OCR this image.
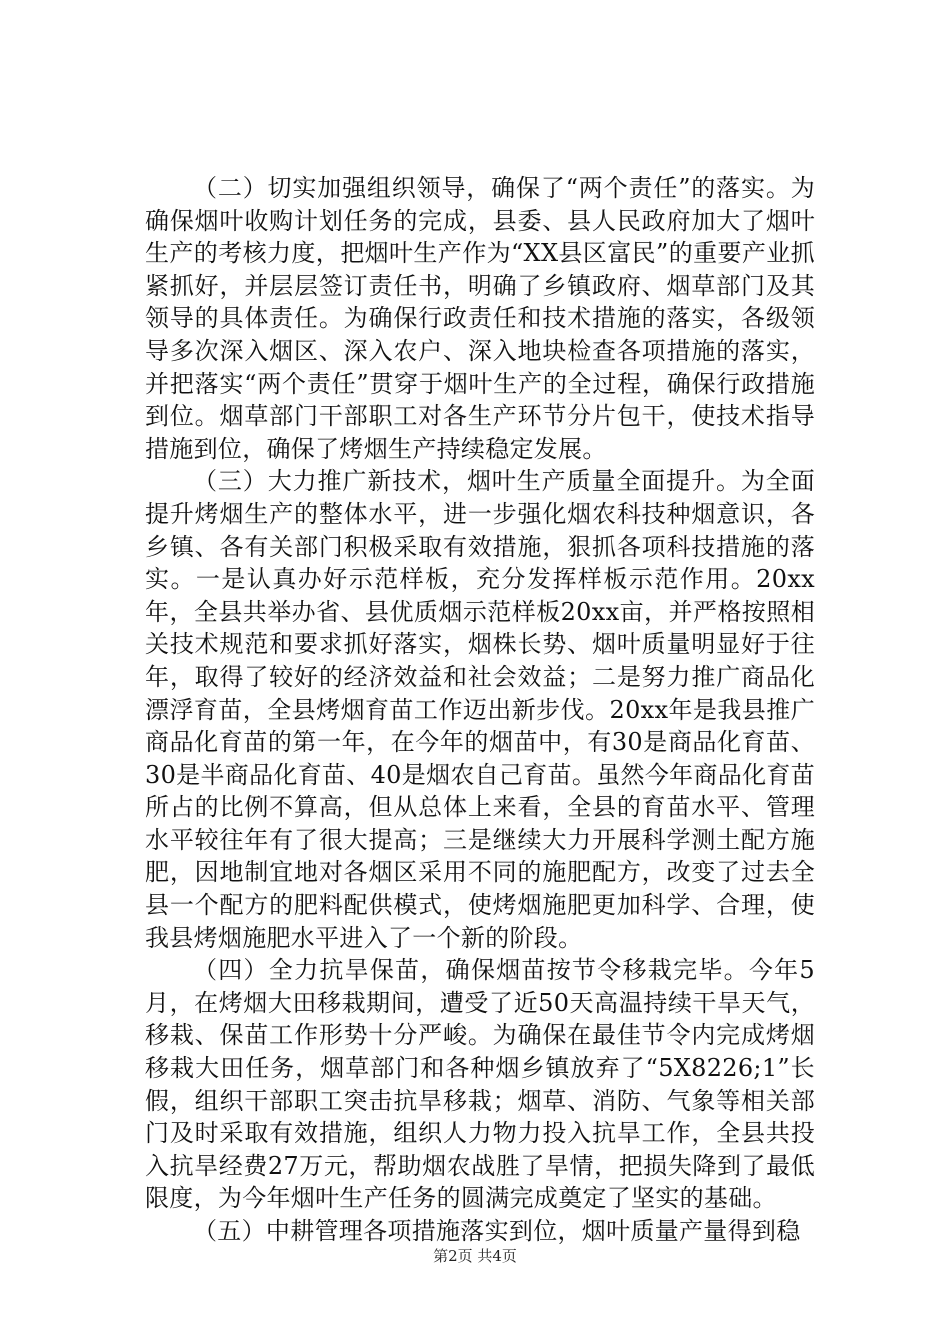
（二）切实加强组织领导，确保了“两个责任”的落实。为确保烟叶收购计划任务的完成，县委、县人民政府加大了烟叶生产的考核力度，把烟叶生产作为“XX县区富民”的重要产业抓紧抓好，并层层签订责任书，明确了乡镇政府、烟草部门及其领导的具体责任。为确保行政责任和技术措施的落实，各级领导多次深入烟区、深入农户、深入地块检查各项措施的落实，并把落实“两个责任”贯穿于烟叶生产的全过程，确保行政措施到位。烟草部门干部职工对各生产环节分片包干，使技术指导措施到位，确保了烤烟生产持续稳定发展。

（三）大力推广新技术，烟叶生产质量全面提升。为全面提升烤烟生产的整体水平，进一步强化烟农科技种烟意识，各乡镇、各有关部门积极采取有效措施，狠抓各项科技措施的落实。一是认真办好示范样板，充分发挥样板示范作用。20xx年，全县共举办省、县优质烟示范样板20xx亩，并严格按照相关技术规范和要求抓好落实，烟株长势、烟叶质量明显好于往年，取得了较好的经济效益和社会效益；二是努力推广商品化漂浮育苗，全县烤烟育苗工作迈出新步伐。20xx年是我县推广商品化育苗的第一年，在今年的烟苗中，有30是商品化育苗、30是半商品化育苗、40是烟农自己育苗。虽然今年商品化育苗所占的比例不算高，但从总体上来看，全县的育苗水平、管理水平较往年有了很大提高；三是继续大力开展科学测土配方施肥，因地制宜地对各烟区采用不同的施肥配方，改变了过去全县一个配方的肥料配供模式，使烤烟施肥更加科学、合理，使我县烤烟施肥水平进入了一个新的阶段。

（四）全力抗旱保苗，确保烟苗按节令移栽完毕。今年5月，在烤烟大田移栽期间，遭受了近50天高温持续干旱天气，移栽、保苗工作形势十分严峻。为确保在最佳节令内完成烤烟移栽大田任务，烟草部门和各种烟乡镇放弃了“5X8226;1”长假，组织干部职工突击抗旱移栽；烟草、消防、气象等相关部门及时采取有效措施，组织人力物力投入抗旱工作，全县共投入抗旱经费27万元，帮助烟农战胜了旱情，把损失降到了最低限度，为今年烟叶生产任务的圆满完成奠定了坚实的基础。

（五）中耕管理各项措施落实到位，烟叶质量产量得到稳

第2页 共4页
